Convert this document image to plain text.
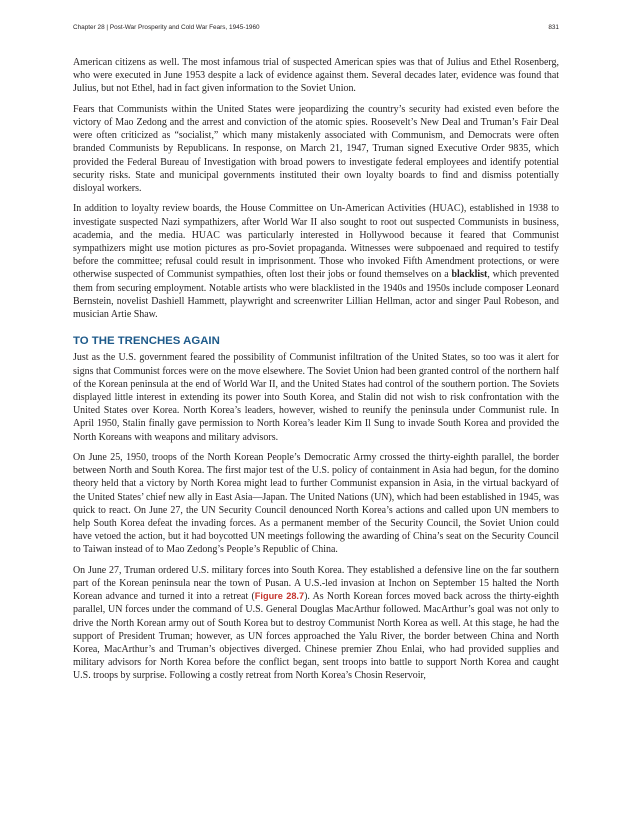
Chapter 28 | Post-War Prosperity and Cold War Fears, 1945-1960	831

American citizens as well. The most infamous trial of suspected American spies was that of Julius and Ethel Rosenberg, who were executed in June 1953 despite a lack of evidence against them. Several decades later, evidence was found that Julius, but not Ethel, had in fact given information to the Soviet Union.

Fears that Communists within the United States were jeopardizing the country’s security had existed even before the victory of Mao Zedong and the arrest and conviction of the atomic spies. Roosevelt’s New Deal and Truman’s Fair Deal were often criticized as “socialist,” which many mistakenly associated with Communism, and Democrats were often branded Communists by Republicans. In response, on March 21, 1947, Truman signed Executive Order 9835, which provided the Federal Bureau of Investigation with broad powers to investigate federal employees and identify potential security risks. State and municipal governments instituted their own loyalty boards to find and dismiss potentially disloyal workers.

In addition to loyalty review boards, the House Committee on Un-American Activities (HUAC), established in 1938 to investigate suspected Nazi sympathizers, after World War II also sought to root out suspected Communists in business, academia, and the media. HUAC was particularly interested in Hollywood because it feared that Communist sympathizers might use motion pictures as pro-Soviet propaganda. Witnesses were subpoenaed and required to testify before the committee; refusal could result in imprisonment. Those who invoked Fifth Amendment protections, or were otherwise suspected of Communist sympathies, often lost their jobs or found themselves on a blacklist, which prevented them from securing employment. Notable artists who were blacklisted in the 1940s and 1950s include composer Leonard Bernstein, novelist Dashiell Hammett, playwright and screenwriter Lillian Hellman, actor and singer Paul Robeson, and musician Artie Shaw.

TO THE TRENCHES AGAIN

Just as the U.S. government feared the possibility of Communist infiltration of the United States, so too was it alert for signs that Communist forces were on the move elsewhere. The Soviet Union had been granted control of the northern half of the Korean peninsula at the end of World War II, and the United States had control of the southern portion. The Soviets displayed little interest in extending its power into South Korea, and Stalin did not wish to risk confrontation with the United States over Korea. North Korea’s leaders, however, wished to reunify the peninsula under Communist rule. In April 1950, Stalin finally gave permission to North Korea’s leader Kim Il Sung to invade South Korea and provided the North Koreans with weapons and military advisors.

On June 25, 1950, troops of the North Korean People’s Democratic Army crossed the thirty-eighth parallel, the border between North and South Korea. The first major test of the U.S. policy of containment in Asia had begun, for the domino theory held that a victory by North Korea might lead to further Communist expansion in Asia, in the virtual backyard of the United States’ chief new ally in East Asia—Japan. The United Nations (UN), which had been established in 1945, was quick to react. On June 27, the UN Security Council denounced North Korea’s actions and called upon UN members to help South Korea defeat the invading forces. As a permanent member of the Security Council, the Soviet Union could have vetoed the action, but it had boycotted UN meetings following the awarding of China’s seat on the Security Council to Taiwan instead of to Mao Zedong’s People’s Republic of China.

On June 27, Truman ordered U.S. military forces into South Korea. They established a defensive line on the far southern part of the Korean peninsula near the town of Pusan. A U.S.-led invasion at Inchon on September 15 halted the North Korean advance and turned it into a retreat (Figure 28.7). As North Korean forces moved back across the thirty-eighth parallel, UN forces under the command of U.S. General Douglas MacArthur followed. MacArthur’s goal was not only to drive the North Korean army out of South Korea but to destroy Communist North Korea as well. At this stage, he had the support of President Truman; however, as UN forces approached the Yalu River, the border between China and North Korea, MacArthur’s and Truman’s objectives diverged. Chinese premier Zhou Enlai, who had provided supplies and military advisors for North Korea before the conflict began, sent troops into battle to support North Korea and caught U.S. troops by surprise. Following a costly retreat from North Korea’s Chosin Reservoir,
